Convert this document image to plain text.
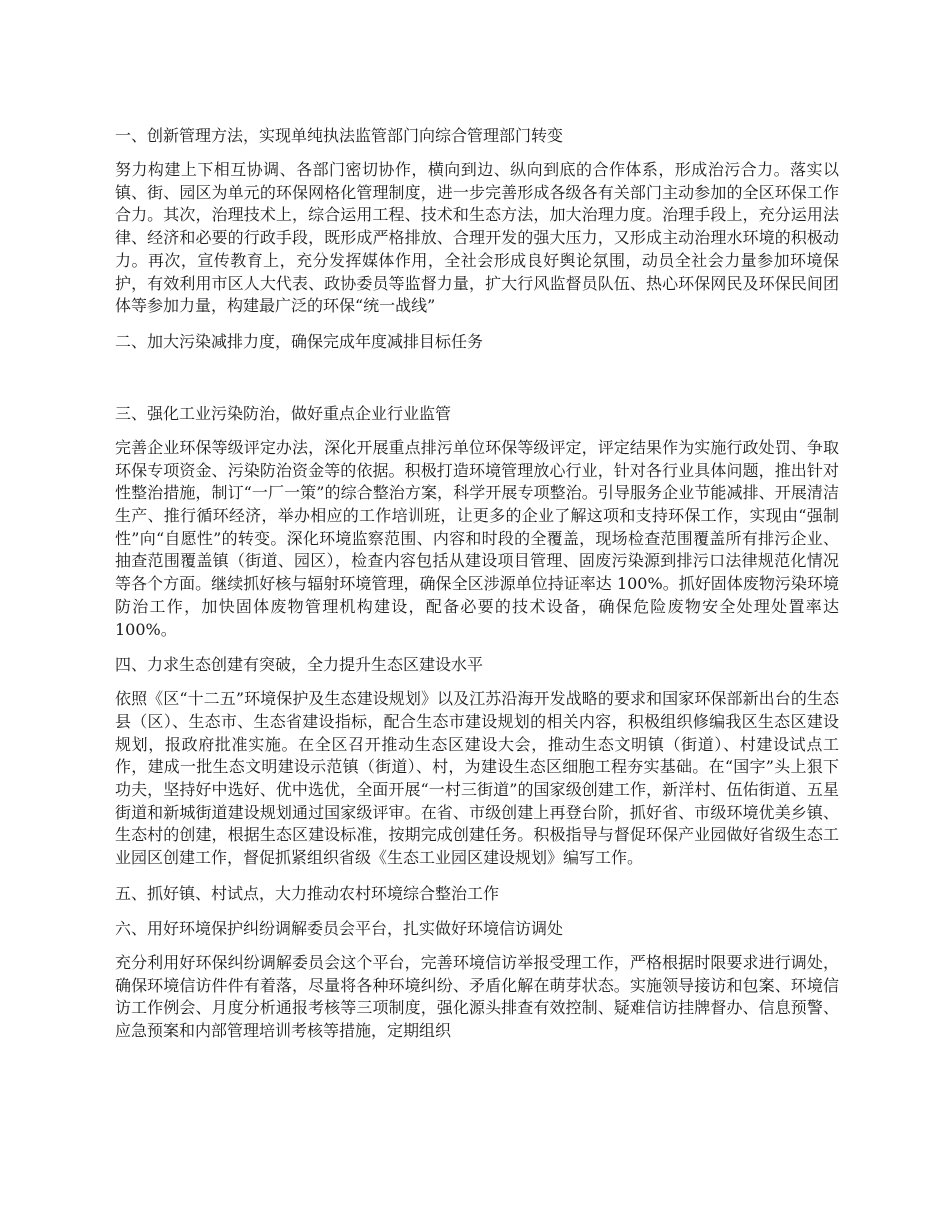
一、创新管理方法，实现单纯执法监管部门向综合管理部门转变
努力构建上下相互协调、各部门密切协作，横向到边、纵向到底的合作体系，形成治污合力。落实以镇、街、园区为单元的环保网格化管理制度，进一步完善形成各级各有关部门主动参加的全区环保工作合力。其次，治理技术上，综合运用工程、技术和生态方法，加大治理力度。治理手段上，充分运用法律、经济和必要的行政手段，既形成严格排放、合理开发的强大压力，又形成主动治理水环境的积极动力。再次，宣传教育上，充分发挥媒体作用，全社会形成良好舆论氛围，动员全社会力量参加环境保护，有效利用市区人大代表、政协委员等监督力量，扩大行风监督员队伍、热心环保网民及环保民间团体等参加力量，构建最广泛的环保“统一战线”
二、加大污染减排力度，确保完成年度减排目标任务
三、强化工业污染防治，做好重点企业行业监管
完善企业环保等级评定办法，深化开展重点排污单位环保等级评定，评定结果作为实施行政处罚、争取环保专项资金、污染防治资金等的依据。积极打造环境管理放心行业，针对各行业具体问题，推出针对性整治措施，制订“一厂一策”的综合整治方案，科学开展专项整治。引导服务企业节能减排、开展清洁生产、推行循环经济，举办相应的工作培训班，让更多的企业了解这项和支持环保工作，实现由“强制性”向“自愿性”的转变。深化环境监察范围、内容和时段的全覆盖，现场检查范围覆盖所有排污企业、抽查范围覆盖镇（街道、园区），检查内容包括从建设项目管理、固废污染源到排污口法律规范化情况等各个方面。继续抓好核与辐射环境管理，确保全区涉源单位持证率达 100%。抓好固体废物污染环境防治工作，加快固体废物管理机构建设，配备必要的技术设备，确保危险废物安全处理处置率达 100%。
四、力求生态创建有突破，全力提升生态区建设水平
依照《区“十二五”环境保护及生态建设规划》以及江苏沿海开发战略的要求和国家环保部新出台的生态县（区）、生态市、生态省建设指标，配合生态市建设规划的相关内容，积极组织修编我区生态区建设规划，报政府批准实施。在全区召开推动生态区建设大会，推动生态文明镇（街道）、村建设试点工作，建成一批生态文明建设示范镇（街道）、村，为建设生态区细胞工程夯实基础。在“国字”头上狠下功夫，坚持好中选好、优中选优，全面开展“一村三街道”的国家级创建工作，新洋村、伍佑街道、五星街道和新城街道建设规划通过国家级评审。在省、市级创建上再登台阶，抓好省、市级环境优美乡镇、生态村的创建，根据生态区建设标准，按期完成创建任务。积极指导与督促环保产业园做好省级生态工业园区创建工作，督促抓紧组织省级《生态工业园区建设规划》编写工作。
五、抓好镇、村试点，大力推动农村环境综合整治工作
六、用好环境保护纠纷调解委员会平台，扎实做好环境信访调处
充分利用好环保纠纷调解委员会这个平台，完善环境信访举报受理工作，严格根据时限要求进行调处，确保环境信访件件有着落，尽量将各种环境纠纷、矛盾化解在萌芽状态。实施领导接访和包案、环境信访工作例会、月度分析通报考核等三项制度，强化源头排查有效控制、疑难信访挂牌督办、信息预警、应急预案和内部管理培训考核等措施，定期组织
